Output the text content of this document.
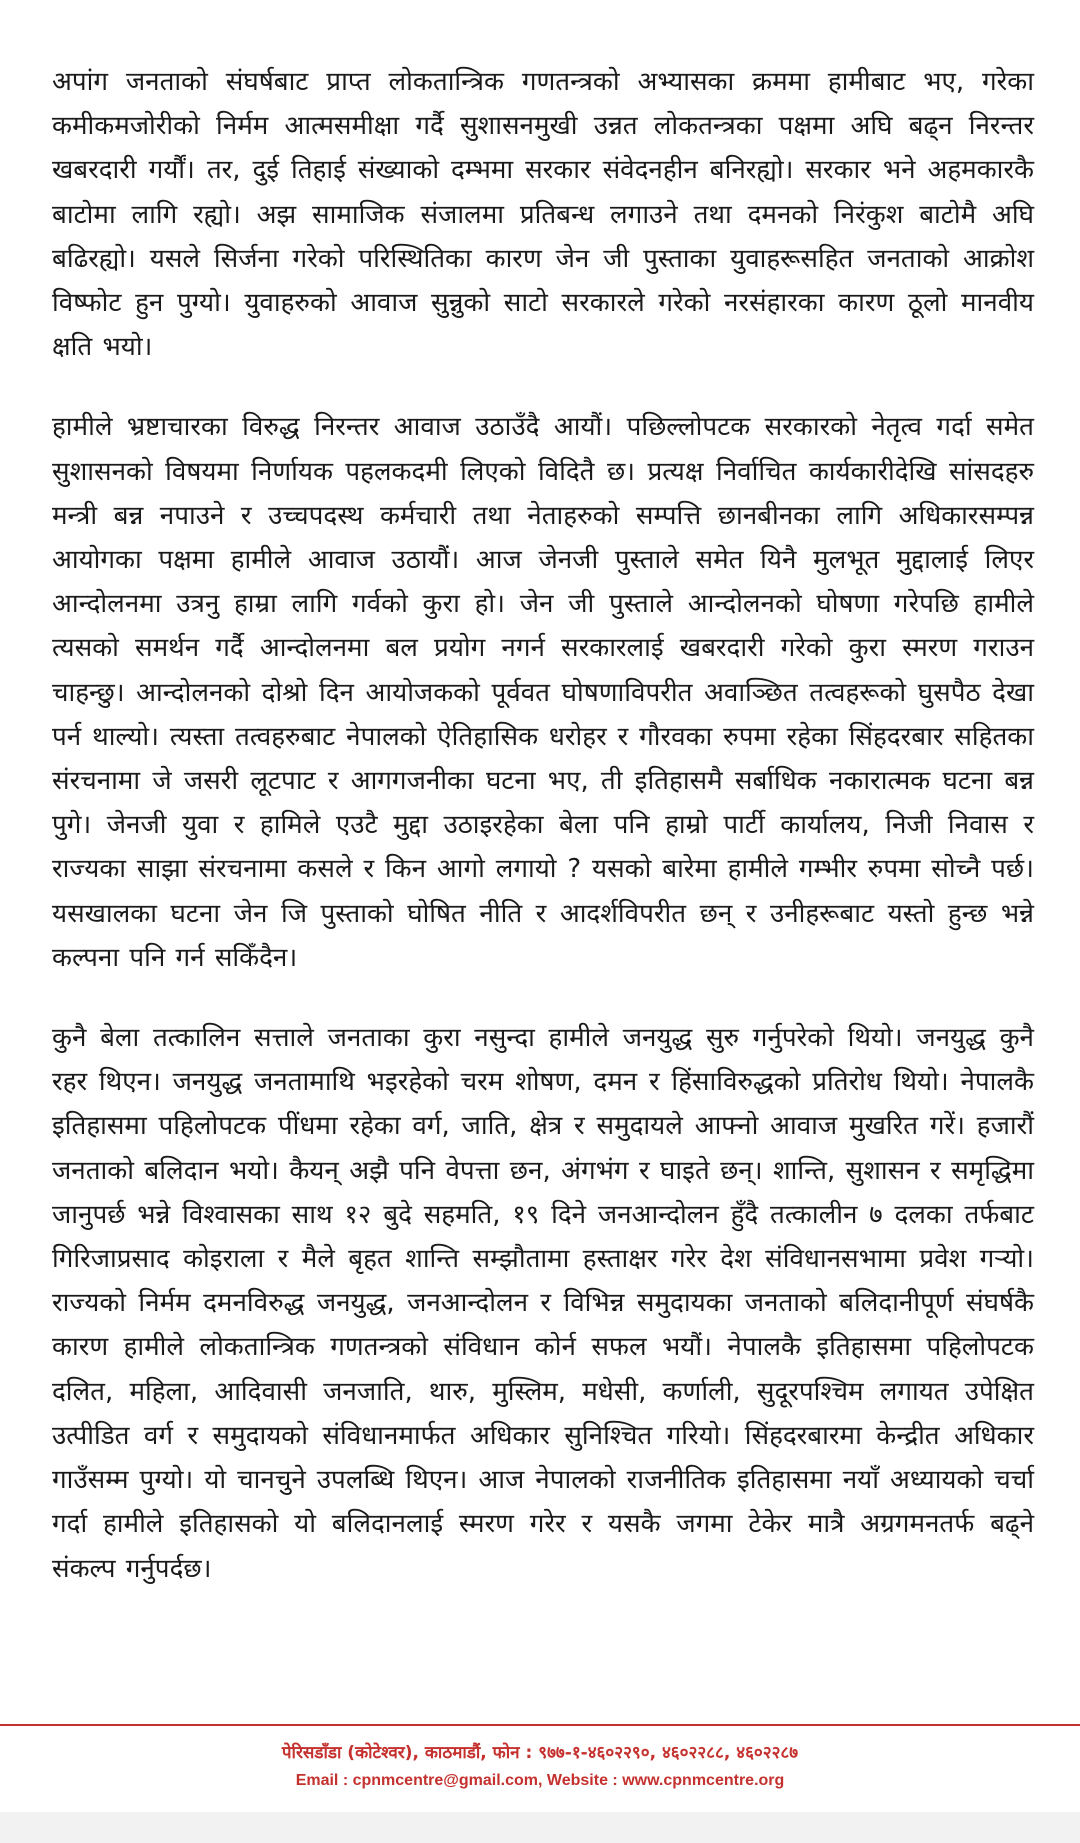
अपांग जनताको संघर्षबाट प्राप्त लोकतान्त्रिक गणतन्त्रको अभ्यासका क्रममा हामीबाट भए, गरेका कमीकमजोरीको निर्मम आत्मसमीक्षा गर्दै सुशासनमुखी उन्नत लोकतन्त्रका पक्षमा अघि बढ्न निरन्तर खबरदारी गर्यौं। तर, दुई तिहाई संख्याको दम्भमा सरकार संवेदनहीन बनिरह्यो। सरकार भने अहमकारकै बाटोमा लागि रह्यो। अझ सामाजिक संजालमा प्रतिबन्ध लगाउने तथा दमनको निरंकुश बाटोमै अघि बढिरह्यो। यसले सिर्जना गरेको परिस्थितिका कारण जेन जी पुस्ताका युवाहरूसहित जनताको आक्रोश विष्फोट हुन पुग्यो। युवाहरुको आवाज सुन्नुको साटो सरकारले गरेको नरसंहारका कारण ठूलो मानवीय क्षति भयो।

हामीले भ्रष्टाचारका विरुद्ध निरन्तर आवाज उठाउँदै आयौं। पछिल्लोपटक सरकारको नेतृत्व गर्दा समेत सुशासनको विषयमा निर्णायक पहलकदमी लिएको विदितै छ। प्रत्यक्ष निर्वाचित कार्यकारीदेखि सांसदहरु मन्त्री बन्न नपाउने र उच्चपदस्थ कर्मचारी तथा नेताहरुको सम्पत्ति छानबीनका लागि अधिकारसम्पन्न आयोगका पक्षमा हामीले आवाज उठायौं। आज जेनजी पुस्ताले समेत यिनै मुलभूत मुद्दालाई लिएर आन्दोलनमा उत्रनु हाम्रा लागि गर्वको कुरा हो। जेन जी पुस्ताले आन्दोलनको घोषणा गरेपछि हामीले त्यसको समर्थन गर्दै आन्दोलनमा बल प्रयोग नगर्न सरकारलाई खबरदारी गरेको कुरा स्मरण गराउन चाहन्छु। आन्दोलनको दोश्रो दिन आयोजकको पूर्ववत घोषणाविपरीत अवाञ्छित तत्वहरूको घुसपैठ देखा पर्न थाल्यो। त्यस्ता तत्वहरुबाट नेपालको ऐतिहासिक धरोहर र गौरवका रुपमा रहेका सिंहदरबार सहितका संरचनामा जे जसरी लूटपाट र आगगजनीका घटना भए, ती इतिहासमै सर्बाधिक नकारात्मक घटना बन्न पुगे। जेनजी युवा र हामिले एउटै मुद्दा उठाइरहेका बेला पनि हाम्रो पार्टी कार्यालय, निजी निवास र राज्यका साझा संरचनामा कसले र किन आगो लगायो ? यसको बारेमा हामीले गम्भीर रुपमा सोच्नै पर्छ। यसखालका घटना जेन जि पुस्ताको घोषित नीति र आदर्शविपरीत छन् र उनीहरूबाट यस्तो हुन्छ भन्ने कल्पना पनि गर्न सकिँदैन।

कुनै बेला तत्कालिन सत्ताले जनताका कुरा नसुन्दा हामीले जनयुद्ध सुरु गर्नुपरेको थियो। जनयुद्ध कुनै रहर थिएन। जनयुद्ध जनतामाथि भइरहेको चरम शोषण, दमन र हिंसाविरुद्धको प्रतिरोध थियो। नेपालकै इतिहासमा पहिलोपटक पींधमा रहेका वर्ग, जाति, क्षेत्र र समुदायले आफ्नो आवाज मुखरित गरें। हजारौं जनताको बलिदान भयो। कैयन् अझै पनि वेपत्ता छन, अंगभंग र घाइते छन्। शान्ति, सुशासन र समृद्धिमा जानुपर्छ भन्ने विश्वासका साथ १२ बुदे सहमति, १९ दिने जनआन्दोलन हुँदै तत्कालीन ७ दलका तर्फबाट गिरिजाप्रसाद कोइराला र मैले बृहत शान्ति सम्झौतामा हस्ताक्षर गरेर देश संविधानसभामा प्रवेश गर्‍यो। राज्यको निर्मम दमनविरुद्ध जनयुद्ध, जनआन्दोलन र विभिन्न समुदायका जनताको बलिदानीपूर्ण संघर्षकै कारण हामीले लोकतान्त्रिक गणतन्त्रको संविधान कोर्न सफल भयौं। नेपालकै इतिहासमा पहिलोपटक दलित, महिला, आदिवासी जनजाति, थारु, मुस्लिम, मधेसी, कर्णाली, सुदूरपश्चिम लगायत उपेक्षित उत्पीडित वर्ग र समुदायको संविधानमार्फत अधिकार सुनिश्चित गरियो। सिंहदरबारमा केन्द्रीत अधिकार गाउँसम्म पुग्यो। यो चानचुने उपलब्धि थिएन। आज नेपालको राजनीतिक इतिहासमा नयाँ अध्यायको चर्चा गर्दा हामीले इतिहासको यो बलिदानलाई स्मरण गरेर र यसकै जगमा टेकेर मात्रै अग्रगमनतर्फ बढ्ने संकल्प गर्नुपर्दछ।

पेरिसडाँडा (कोटेश्वर), काठमाडौं, फोन : ९७७-१-४६०२२९०, ४६०२२८८, ४६०२२८७
Email : cpnmcentre@gmail.com, Website : www.cpnmcentre.org
